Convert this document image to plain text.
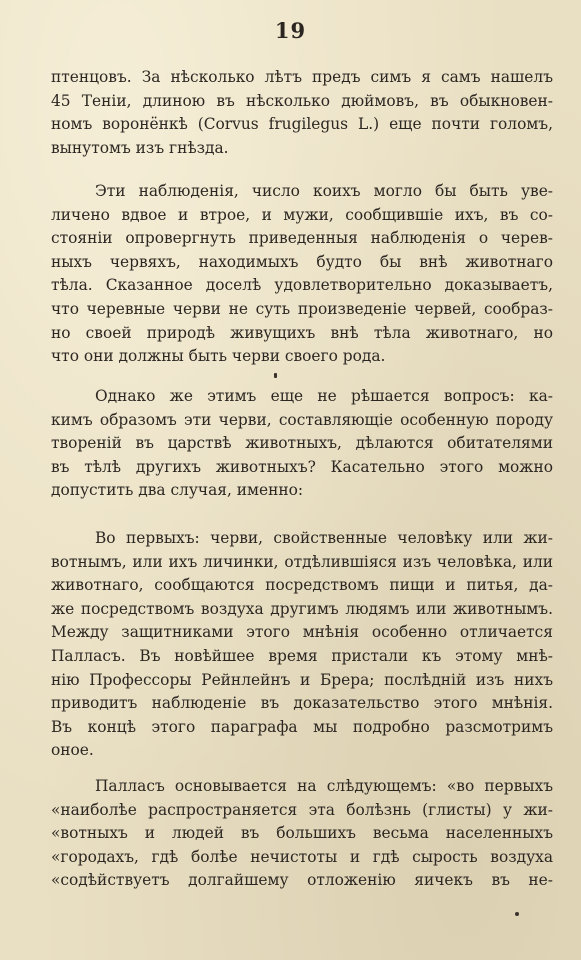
19
птенцовъ. За нѣсколько лѣтъ предъ симъ я самъ нашелъ
45 Теніи, длиною въ нѣсколько дюймовъ, въ обыкновен-
номъ воронёнкѣ (Corvus frugilegus L.) еще почти голомъ,
вынутомъ изъ гнѣзда.
Эти наблюденія, число коихъ могло бы быть уве-
личено вдвое и втрое, и мужи, сообщившіе ихъ, въ со-
стояніи опровергнуть приведенныя наблюденія о черев-
ныхъ червяхъ, находимыхъ будто бы внѣ животнаго
тѣла. Сказанное доселѣ удовлетворительно доказываетъ,
что черевные черви не суть произведеніе червей, сообраз-
но своей природѣ живущихъ внѣ тѣла животнаго, но
что они должны быть черви своего рода.
Однако же этимъ еще не рѣшается вопросъ: ка-
кимъ образомъ эти черви, составляющіе особенную породу
твореній въ царствѣ животныхъ, дѣлаются обитателями
въ тѣлѣ другихъ животныхъ? Касательно этого можно
допустить два случая, именно:
Во первыхъ: черви, свойственные человѣку или жи-
вотнымъ, или ихъ личинки, отдѣлившіяся изъ человѣка, или
животнаго, сообщаются посредствомъ пищи и питья, да-
же посредствомъ воздуха другимъ людямъ или животнымъ.
Между защитниками этого мнѣнія особенно отличается
Палласъ. Въ новѣйшее время пристали къ этому мнѣ-
нію Профессоры Рейнлейнъ и Брера; послѣдній изъ нихъ
приводитъ наблюденіе въ доказательство этого мнѣнія.
Въ концѣ этого параграфа мы подробно разсмотримъ
оное.
Палласъ основывается на слѣдующемъ: «во первыхъ
«наиболѣе распространяется эта болѣзнь (глисты) у жи-
«вотныхъ и людей въ большихъ весьма населенныхъ
«городахъ, гдѣ болѣе нечистоты и гдѣ сырость воздуха
«содѣйствуетъ долгайшему отложенію яичекъ въ не-
